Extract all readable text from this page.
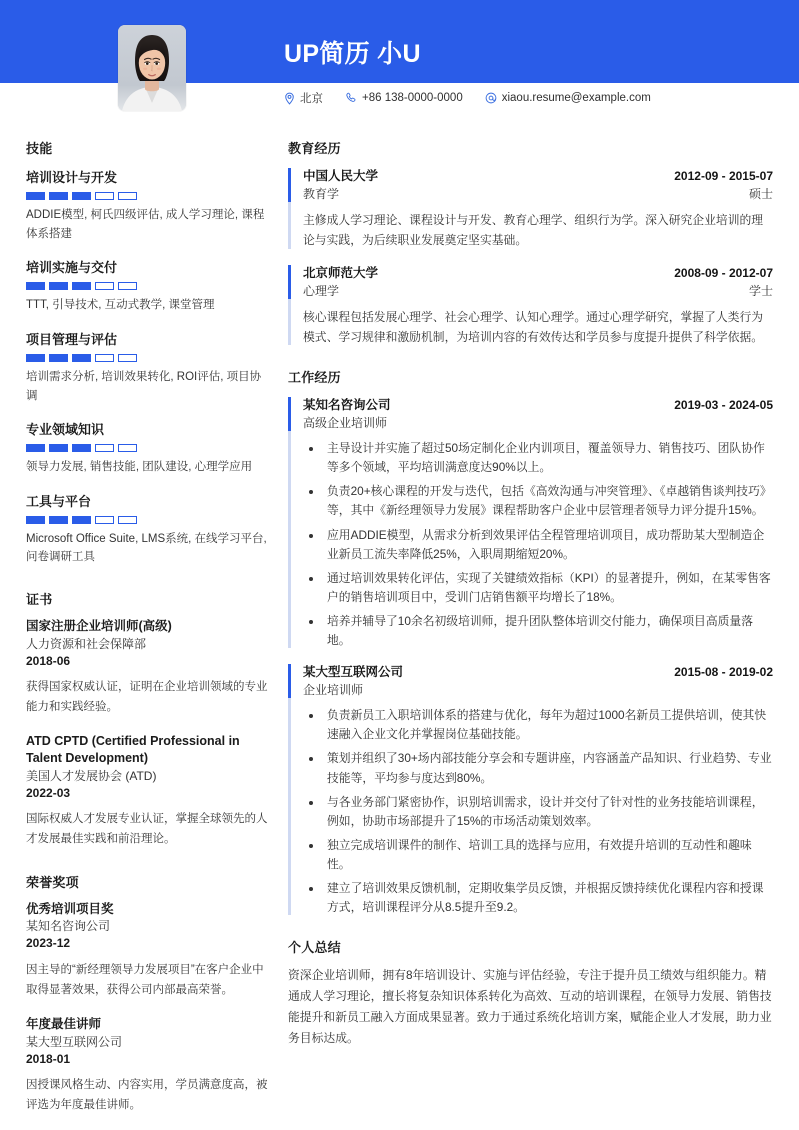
UP简历 小U
北京	+86 138-0000-0000	xiaou.resume@example.com
技能
培训设计与开发
ADDIE模型, 柯氏四级评估, 成人学习理论, 课程体系搭建
培训实施与交付
TTT, 引导技术, 互动式教学, 课堂管理
项目管理与评估
培训需求分析, 培训效果转化, ROI评估, 项目协调
专业领域知识
领导力发展, 销售技能, 团队建设, 心理学应用
工具与平台
Microsoft Office Suite, LMS系统, 在线学习平台, 问卷调研工具
证书
国家注册企业培训师(高级)
人力资源和社会保障部
2018-06
获得国家权威认证，证明在企业培训领域的专业能力和实践经验。
ATD CPTD (Certified Professional in Talent Development)
美国人才发展协会 (ATD)
2022-03
国际权威人才发展专业认证，掌握全球领先的人才发展最佳实践和前沿理论。
荣誉奖项
优秀培训项目奖
某知名咨询公司
2023-12
因主导的“新经理领导力发展项目”在客户企业中取得显著效果，获得公司内部最高荣誉。
年度最佳讲师
某大型互联网公司
2018-01
因授课风格生动、内容实用，学员满意度高，被评选为年度最佳讲师。
教育经历
中国人民大学	2012-09 - 2015-07
教育学	硕士
主修成人学习理论、课程设计与开发、教育心理学、组织行为学。深入研究企业培训的理论与实践，为后续职业发展奠定坚实基础。
北京师范大学	2008-09 - 2012-07
心理学	学士
核心课程包括发展心理学、社会心理学、认知心理学。通过心理学研究，掌握了人类行为模式、学习规律和激励机制，为培训内容的有效传达和学员参与度提升提供了科学依据。
工作经历
某知名咨询公司	2019-03 - 2024-05
高级企业培训师
• 主导设计并实施了超过50场定制化企业内训项目，覆盖领导力、销售技巧、团队协作等多个领域，平均培训满意度达90%以上。
• 负责20+核心课程的开发与迭代，包括《高效沟通与冲突管理》、《卓越销售谈判技巧》等，其中《新经理领导力发展》课程帮助客户企业中层管理者领导力评分提升15%。
• 应用ADDIE模型，从需求分析到效果评估全程管理培训项目，成功帮助某大型制造企业新员工流失率降低25%，入职周期缩短20%。
• 通过培训效果转化评估，实现了关键绩效指标（KPI）的显著提升，例如，在某零售客户的销售培训项目中，受训门店销售额平均增长了18%。
• 培养并辅导了10余名初级培训师，提升团队整体培训交付能力，确保项目高质量落地。
某大型互联网公司	2015-08 - 2019-02
企业培训师
• 负责新员工入职培训体系的搭建与优化，每年为超过1000名新员工提供培训，使其快速融入企业文化并掌握岗位基础技能。
• 策划并组织了30+场内部技能分享会和专题讲座，内容涵盖产品知识、行业趋势、专业技能等，平均参与度达到80%。
• 与各业务部门紧密协作，识别培训需求，设计并交付了针对性的业务技能培训课程，例如，协助市场部提升了15%的市场活动策划效率。
• 独立完成培训课件的制作、培训工具的选择与应用，有效提升培训的互动性和趣味性。
• 建立了培训效果反馈机制，定期收集学员反馈，并根据反馈持续优化课程内容和授课方式，培训课程评分从8.5提升至9.2。
个人总结
资深企业培训师，拥有8年培训设计、实施与评估经验，专注于提升员工绩效与组织能力。精通成人学习理论，擅长将复杂知识体系转化为高效、互动的培训课程，在领导力发展、销售技能提升和新员工融入方面成果显著。致力于通过系统化培训方案，赋能企业人才发展，助力业务目标达成。
